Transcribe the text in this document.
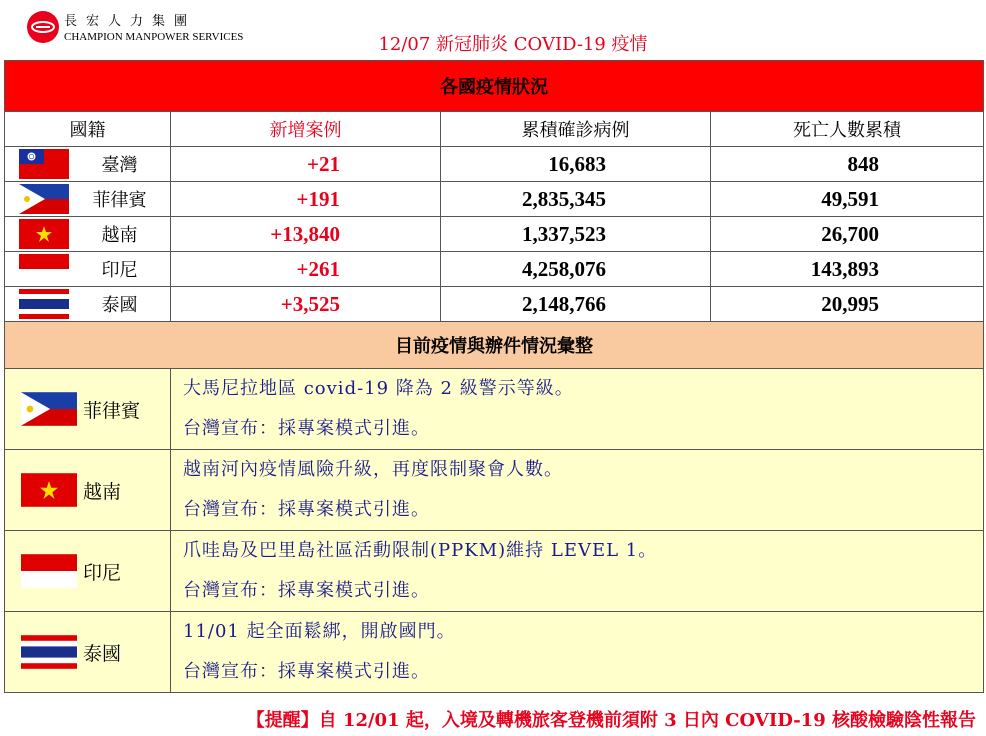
長宏人力集團
CHAMPION MANPOWER SERVICES	12/07 新冠肺炎 COVID-19 疫情
各國疫情狀況			
國籍	新增案例	累積確診病例	死亡人數累積

臺灣	+21	16,683	848

菲律賓	+191	2,835,345	49,591

越南	+13,840	1,337,523	26,700

印尼	+261	4,258,076	143,893

泰國	+3,525	2,148,766	20,995
目前疫情與辦件情況彙整			

菲律賓	大馬尼拉地區 covid-19 降為 2 級警示等級。
台灣宣布：採專案模式引進。		

越南	越南河內疫情風險升級，再度限制聚會人數。
台灣宣布：採專案模式引進。		

印尼	爪哇島及巴里島社區活動限制(PPKM)維持 LEVEL 1。
台灣宣布：採專案模式引進。		

泰國	11/01 起全面鬆綁，開啟國門。
台灣宣布：採專案模式引進。		
【提醒】自 12/01 起，入境及轉機旅客登機前須附 3 日內 COVID-19 核酸檢驗陰性報告
